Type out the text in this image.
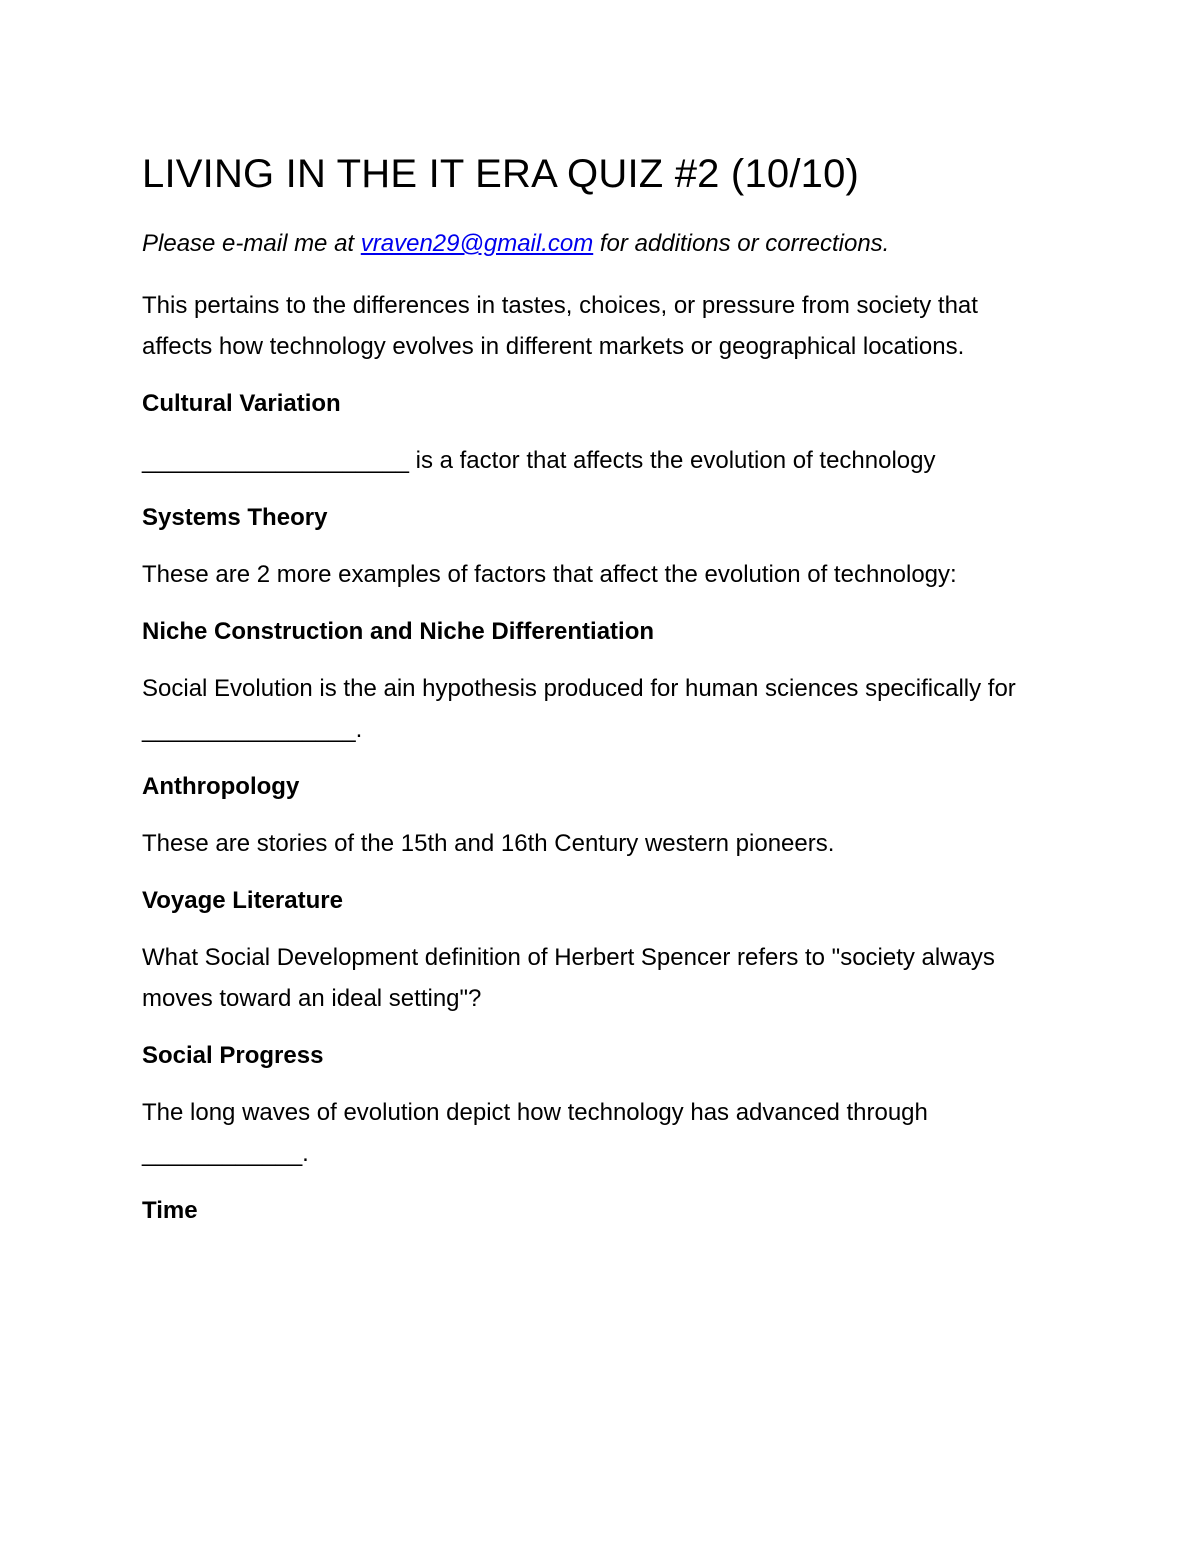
LIVING IN THE IT ERA QUIZ #2 (10/10)

Please e-mail me at vraven29@gmail.com for additions or corrections.

This pertains to the differences in tastes, choices, or pressure from society that affects how technology evolves in different markets or geographical locations.

Cultural Variation

____________________ is a factor that affects the evolution of technology

Systems Theory

These are 2 more examples of factors that affect the evolution of technology:

Niche Construction and Niche Differentiation

Social Evolution is the ain hypothesis produced for human sciences specifically for ________________.

Anthropology

These are stories of the 15th and 16th Century western pioneers.

Voyage Literature

What Social Development definition of Herbert Spencer refers to "society always moves toward an ideal setting"?

Social Progress

The long waves of evolution depict how technology has advanced through ____________.

Time
